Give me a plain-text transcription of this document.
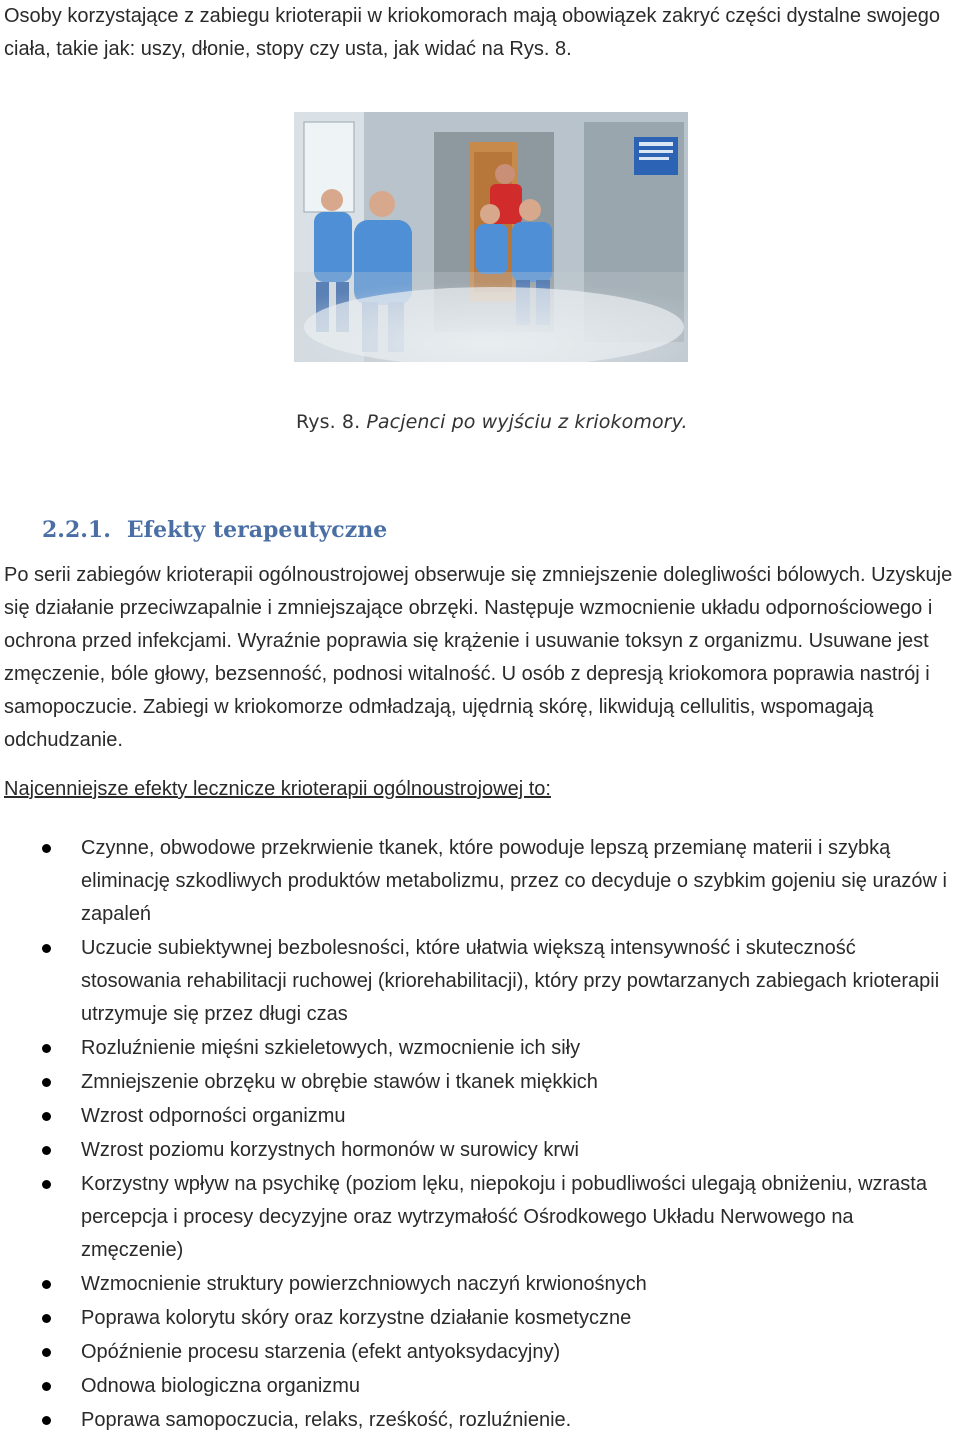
Osoby korzystające z zabiegu krioterapii w kriokomorach mają obowiązek zakryć części dystalne swojego ciała, takie jak: uszy, dłonie, stopy czy usta, jak widać na Rys. 8.
Rys. 8. Pacjenci po wyjściu z kriokomory.
2.2.1. Efekty terapeutyczne
Po serii zabiegów krioterapii ogólnoustrojowej obserwuje się zmniejszenie dolegliwości bólowych. Uzyskuje się działanie przeciwzapalnie i zmniejszające obrzęki. Następuje wzmocnienie układu odpornościowego i ochrona przed infekcjami. Wyraźnie poprawia się krążenie i usuwanie toksyn z organizmu. Usuwane jest zmęczenie, bóle głowy, bezsenność, podnosi witalność. U osób z depresją kriokomora poprawia nastrój i samopoczucie. Zabiegi w kriokomorze odmładzają, ujędrnią skórę, likwidują cellulitis, wspomagają odchudzanie.
Najcenniejsze efekty lecznicze krioterapii ogólnoustrojowej to:
Czynne, obwodowe przekrwienie tkanek, które powoduje lepszą przemianę materii i szybką eliminację szkodliwych produktów metabolizmu, przez co decyduje o szybkim gojeniu się urazów i zapaleń
Uczucie subiektywnej bezbolesności, które ułatwia większą intensywność i skuteczność stosowania rehabilitacji ruchowej (kriorehabilitacji), który przy powtarzanych zabiegach krioterapii utrzymuje się przez długi czas
Rozluźnienie mięśni szkieletowych, wzmocnienie ich siły
Zmniejszenie obrzęku w obrębie stawów i tkanek miękkich
Wzrost odporności organizmu
Wzrost poziomu korzystnych hormonów w surowicy krwi
Korzystny wpływ na psychikę (poziom lęku, niepokoju i pobudliwości ulegają obniżeniu, wzrasta percepcja i procesy decyzyjne oraz wytrzymałość Ośrodkowego Układu Nerwowego na zmęczenie)
Wzmocnienie struktury powierzchniowych naczyń krwionośnych
Poprawa kolorytu skóry oraz korzystne działanie kosmetyczne
Opóźnienie procesu starzenia (efekt antyoksydacyjny)
Odnowa biologiczna organizmu
Poprawa samopoczucia, relaks, rześkość, rozluźnienie.
